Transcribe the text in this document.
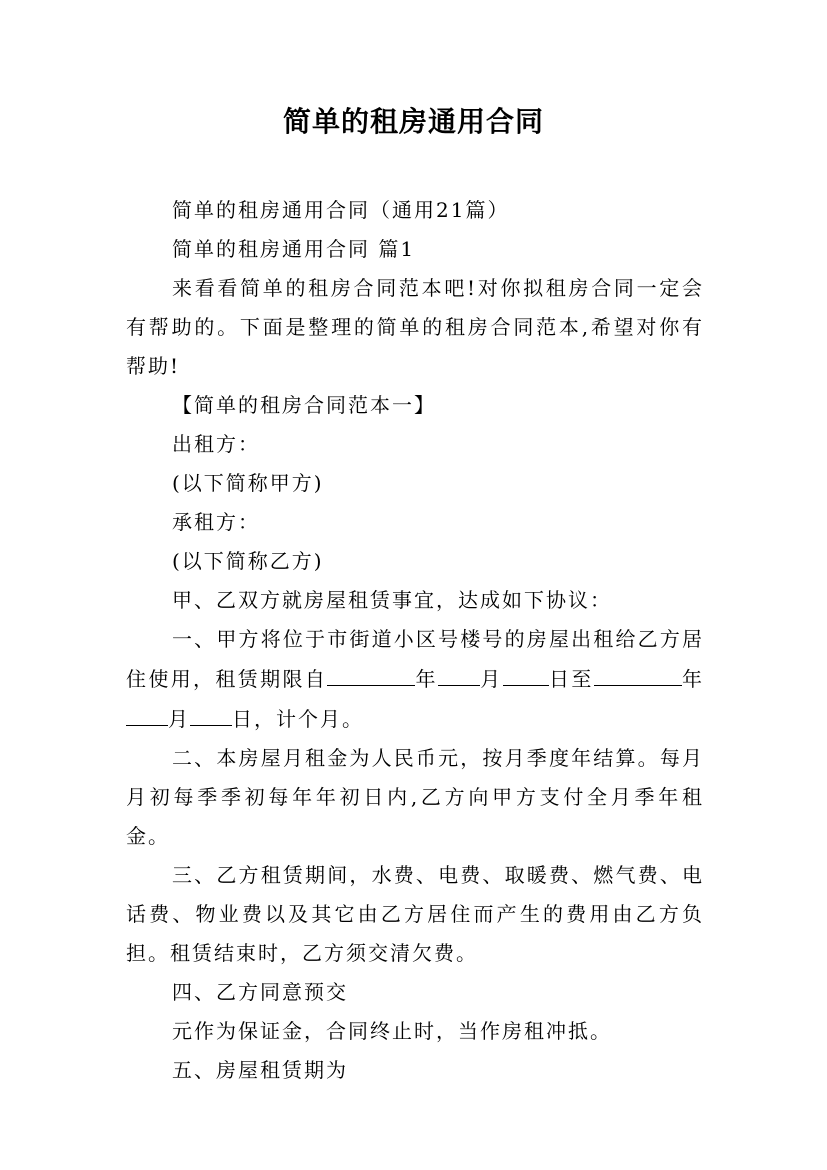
简单的租房通用合同

简单的租房通用合同（通用21篇）

简单的租房通用合同 篇1

来看看简单的租房合同范本吧!对你拟租房合同一定会有帮助的。下面是整理的简单的租房合同范本,希望对你有帮助!

【简单的租房合同范本一】

出租方：

(以下简称甲方)

承租方：

(以下简称乙方)

甲、乙双方就房屋租赁事宜，达成如下协议：

一、甲方将位于市街道小区号楼号的房屋出租给乙方居住使用，租赁期限自	年 月 日至	年月 日，计个月。

二、本房屋月租金为人民币元，按月季度年结算。每月月初每季季初每年年初日内,乙方向甲方支付全月季年租金。

三、乙方租赁期间，水费、电费、取暖费、燃气费、电话费、物业费以及其它由乙方居住而产生的费用由乙方负担。租赁结束时，乙方须交清欠费。

四、乙方同意预交

元作为保证金，合同终止时，当作房租冲抵。

五、房屋租赁期为
